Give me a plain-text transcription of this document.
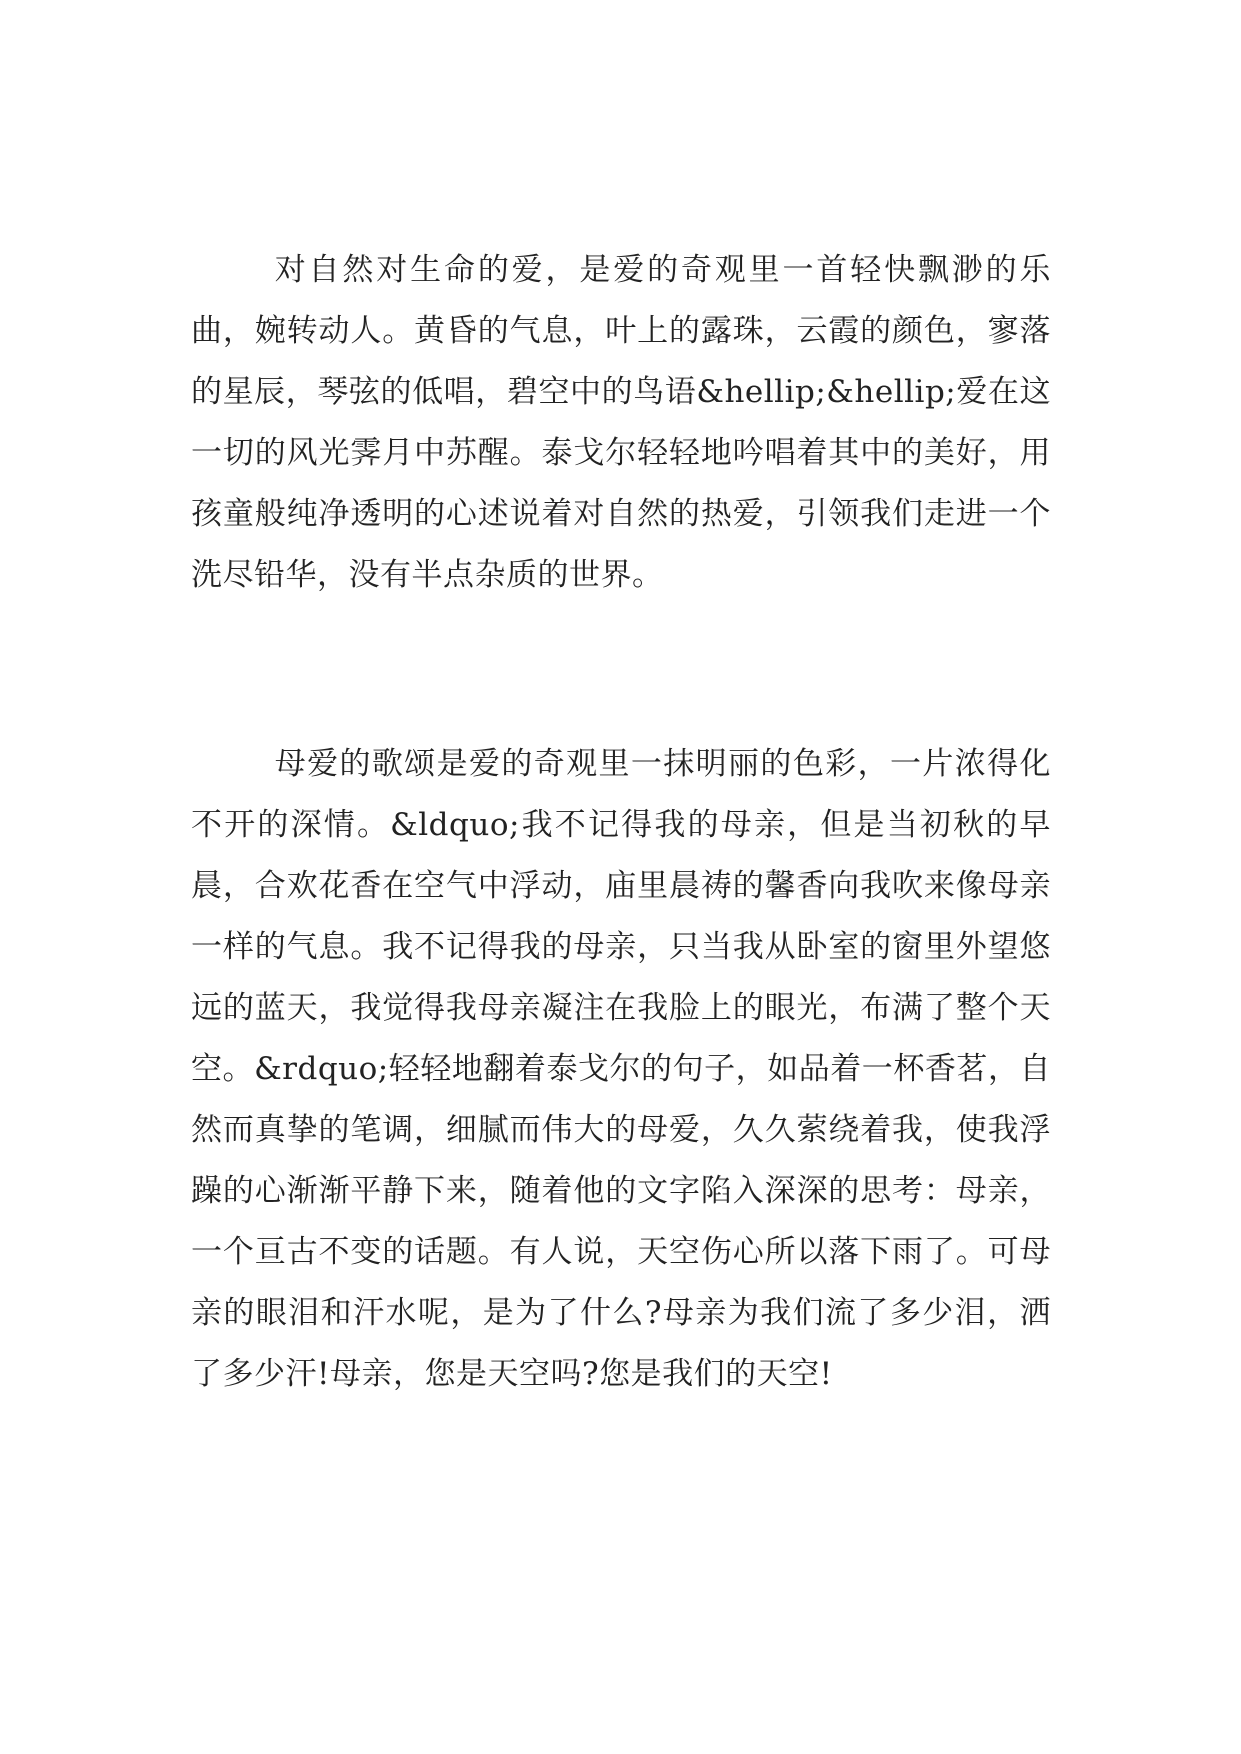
对自然对生命的爱，是爱的奇观里一首轻快飘渺的乐曲，婉转动人。黄昏的气息，叶上的露珠，云霞的颜色，寥落的星辰，琴弦的低唱，碧空中的鸟语&hellip;&hellip;爱在这一切的风光霁月中苏醒。泰戈尔轻轻地吟唱着其中的美好，用孩童般纯净透明的心述说着对自然的热爱，引领我们走进一个洗尽铅华，没有半点杂质的世界。

母爱的歌颂是爱的奇观里一抹明丽的色彩，一片浓得化不开的深情。&ldquo;我不记得我的母亲，但是当初秋的早晨，合欢花香在空气中浮动，庙里晨祷的馨香向我吹来像母亲一样的气息。我不记得我的母亲，只当我从卧室的窗里外望悠远的蓝天，我觉得我母亲凝注在我脸上的眼光，布满了整个天空。&rdquo;轻轻地翻着泰戈尔的句子，如品着一杯香茗，自然而真挚的笔调，细腻而伟大的母爱，久久萦绕着我，使我浮躁的心渐渐平静下来，随着他的文字陷入深深的思考：母亲，一个亘古不变的话题。有人说，天空伤心所以落下雨了。可母亲的眼泪和汗水呢，是为了什么?母亲为我们流了多少泪，洒了多少汗!母亲，您是天空吗?您是我们的天空!
